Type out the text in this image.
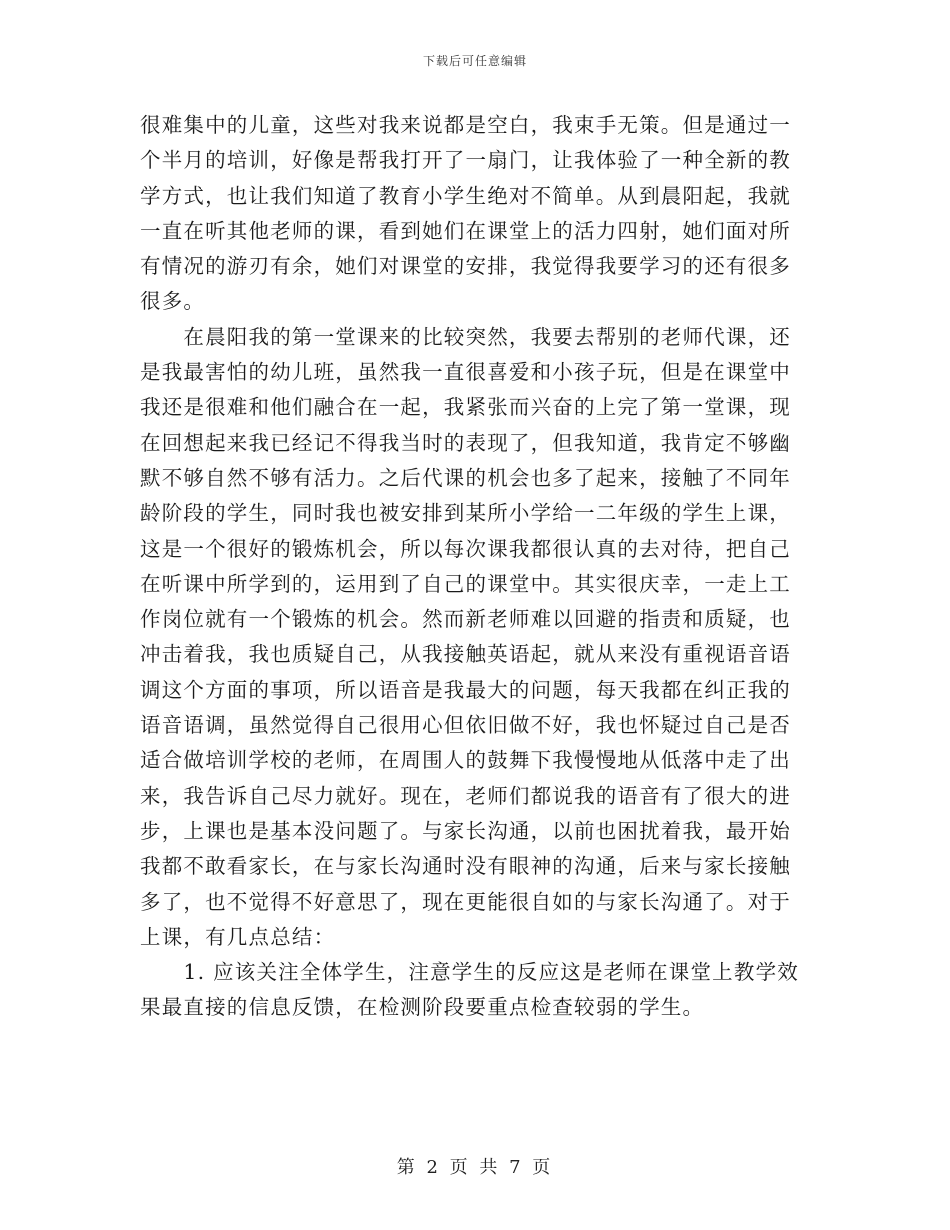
下载后可任意编辑
很难集中的儿童，这些对我来说都是空白，我束手无策。但是通过一
个半月的培训，好像是帮我打开了一扇门，让我体验了一种全新的教
学方式，也让我们知道了教育小学生绝对不简单。从到晨阳起，我就
一直在听其他老师的课，看到她们在课堂上的活力四射，她们面对所
有情况的游刃有余，她们对课堂的安排，我觉得我要学习的还有很多
很多。
　　在晨阳我的第一堂课来的比较突然，我要去帮别的老师代课，还
是我最害怕的幼儿班，虽然我一直很喜爱和小孩子玩，但是在课堂中
我还是很难和他们融合在一起，我紧张而兴奋的上完了第一堂课，现
在回想起来我已经记不得我当时的表现了，但我知道，我肯定不够幽
默不够自然不够有活力。之后代课的机会也多了起来，接触了不同年
龄阶段的学生，同时我也被安排到某所小学给一二年级的学生上课，
这是一个很好的锻炼机会，所以每次课我都很认真的去对待，把自己
在听课中所学到的，运用到了自己的课堂中。其实很庆幸，一走上工
作岗位就有一个锻炼的机会。然而新老师难以回避的指责和质疑，也
冲击着我，我也质疑自己，从我接触英语起，就从来没有重视语音语
调这个方面的事项，所以语音是我最大的问题，每天我都在纠正我的
语音语调，虽然觉得自己很用心但依旧做不好，我也怀疑过自己是否
适合做培训学校的老师，在周围人的鼓舞下我慢慢地从低落中走了出
来，我告诉自己尽力就好。现在，老师们都说我的语音有了很大的进
步，上课也是基本没问题了。与家长沟通，以前也困扰着我，最开始
我都不敢看家长，在与家长沟通时没有眼神的沟通，后来与家长接触
多了，也不觉得不好意思了，现在更能很自如的与家长沟通了。对于
上课，有几点总结：
　　1. 应该关注全体学生，注意学生的反应这是老师在课堂上教学效
果最直接的信息反馈，在检测阶段要重点检查较弱的学生。
第 2 页 共 7 页
